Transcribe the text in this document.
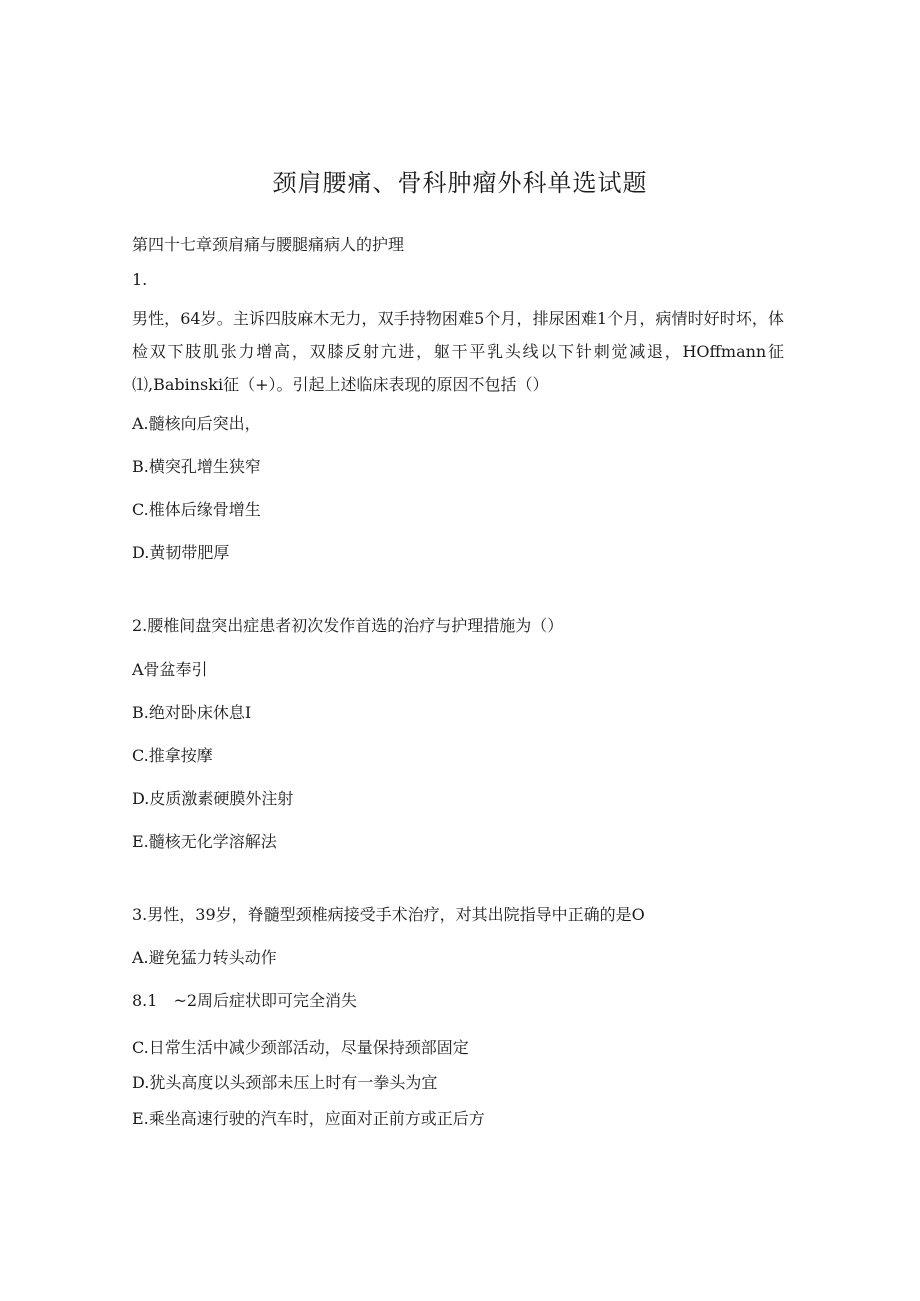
颈肩腰痛、骨科肿瘤外科单选试题

第四十七章颈肩痛与腰腿痛病人的护理

1.

男性，64岁。主诉四肢麻木无力，双手持物困难5个月，排尿困难1个月，病情时好时坏，体检双下肢肌张力增高，双膝反射亢进，躯干平乳头线以下针刺觉减退，HOffmann征⑴,Babinski征（+）。引起上述临床表现的原因不包括（）

A.髓核向后突出，

B.横突孔增生狭窄

C.椎体后缘骨增生

D.黄韧带肥厚

2.腰椎间盘突出症患者初次发作首选的治疗与护理措施为（）

A骨盆奉引

B.绝对卧床休息I

C.推拿按摩

D.皮质激素硬膜外注射

E.髓核无化学溶解法

3.男性，39岁，脊髓型颈椎病接受手术治疗，对其出院指导中正确的是O

A.避免猛力转头动作

8.1　~2周后症状即可完全消失

C.日常生活中减少颈部活动，尽量保持颈部固定

D.犹头高度以头颈部未压上时有一拳头为宜

E.乘坐高速行驶的汽车时，应面对正前方或正后方
